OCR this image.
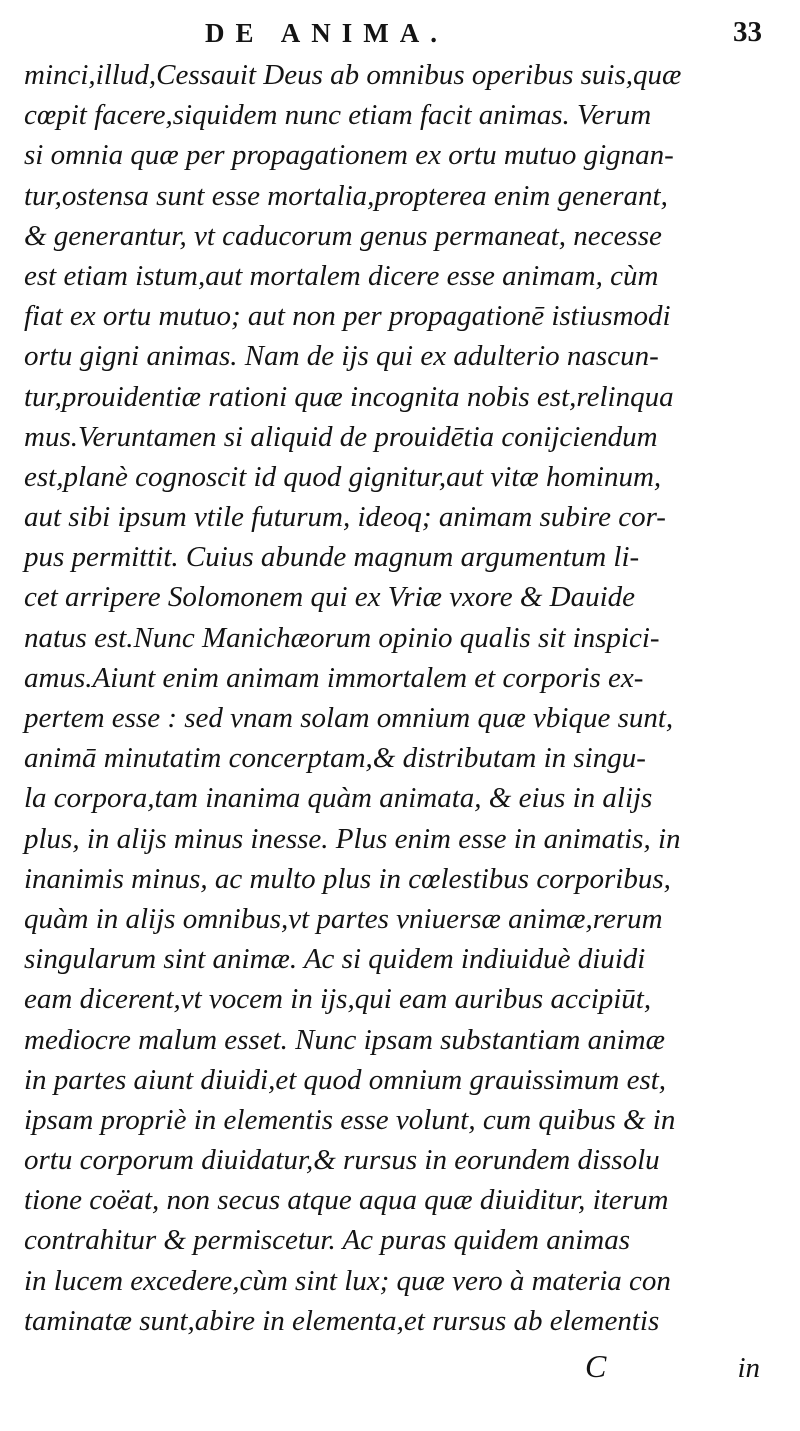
DE ANIMA.	33
minci,illud,Cessauit Deus ab omnibus operibus suis,quæ
cœpit facere,siquidem nunc etiam facit animas. Verum
si omnia quæ per propagationem ex ortu mutuo gignan-
tur,ostensa sunt esse mortalia,propterea enim generant,
& generantur, vt caducorum genus permaneat, necesse
est etiam istum,aut mortalem dicere esse animam, cùm
fiat ex ortu mutuo; aut non per propagationē istiusmodi
ortu gigni animas. Nam de ijs qui ex adulterio nascun-
tur,prouidentiæ rationi quæ incognita nobis est,relinqua
mus.Veruntamen si aliquid de prouidētia conijciendum
est,planè cognoscit id quod gignitur,aut vitæ hominum,
aut sibi ipsum vtile futurum, ideoq; animam subire cor-
pus permittit. Cuius abunde magnum argumentum li-
cet arripere Solomonem qui ex Vriæ vxore & Dauide
natus est.Nunc Manichæorum opinio qualis sit inspici-
amus.Aiunt enim animam immortalem et corporis ex-
pertem esse : sed vnam solam omnium quæ vbique sunt,
animā minutatim concerptam,& distributam in singu-
la corpora,tam inanima quàm animata, & eius in alijs
plus, in alijs minus inesse. Plus enim esse in animatis, in
inanimis minus, ac multo plus in cœlestibus corporibus,
quàm in alijs omnibus,vt partes vniuersæ animæ,rerum
singularum sint animæ. Ac si quidem indiuiduè diuidi
eam dicerent,vt vocem in ijs,qui eam auribus accipiūt,
mediocre malum esset. Nunc ipsam substantiam animæ
in partes aiunt diuidi,et quod omnium grauissimum est,
ipsam propriè in elementis esse volunt, cum quibus & in
ortu corporum diuidatur,& rursus in eorundem dissolu
tione coëat, non secus atque aqua quæ diuiditur, iterum
contrahitur & permiscetur. Ac puras quidem animas
in lucem excedere,cùm sint lux; quæ vero à materia con
taminatæ sunt,abire in elementa,et rursus ab elementis
C	in
